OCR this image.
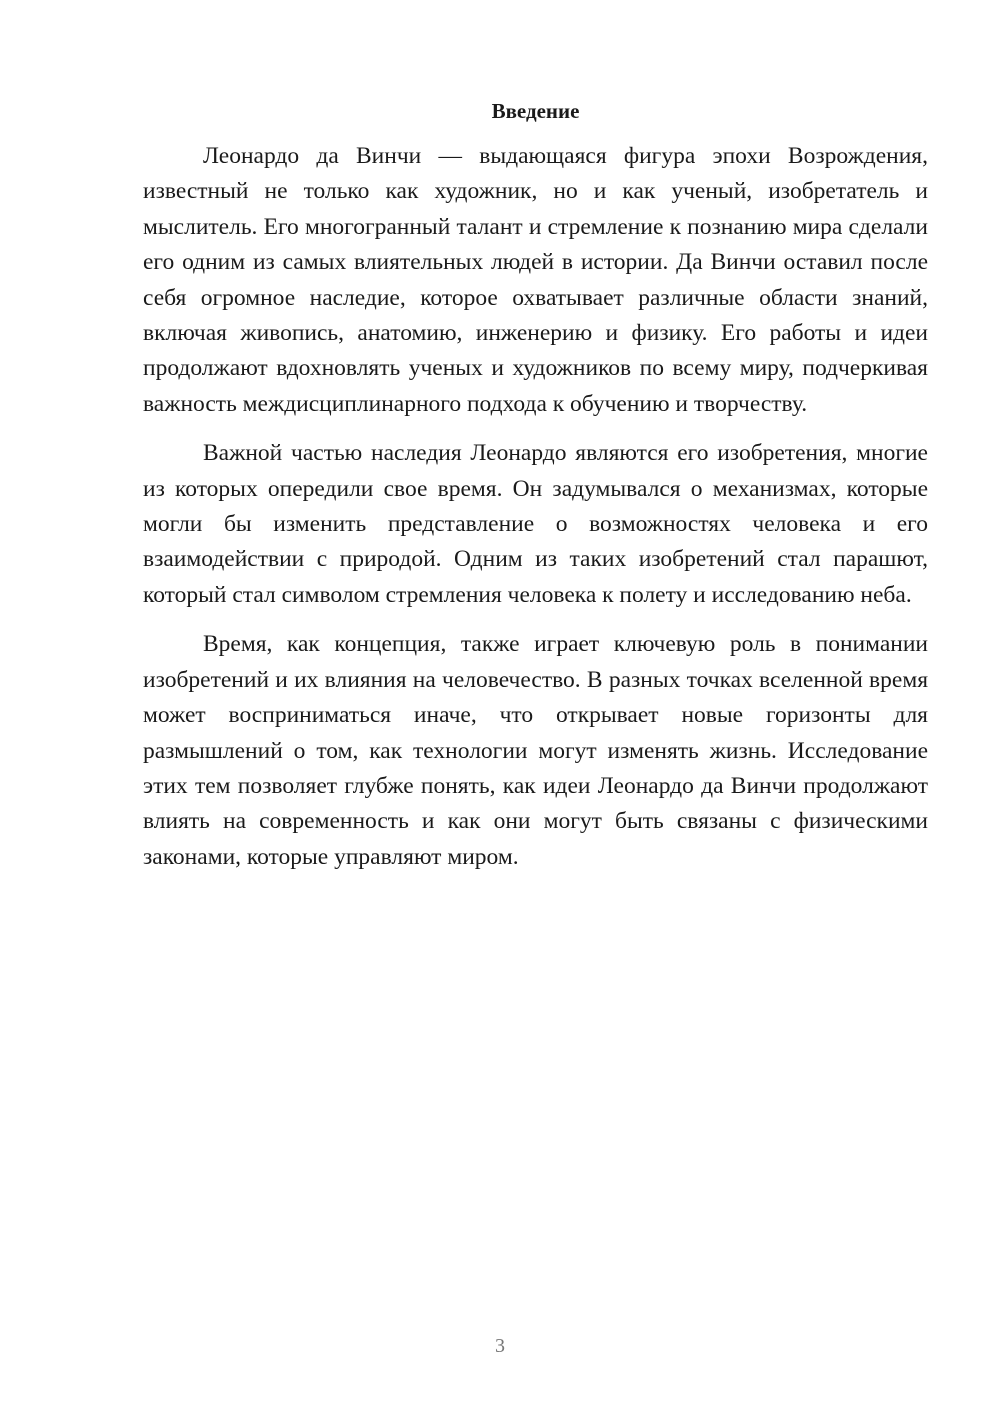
Введение

Леонардо да Винчи — выдающаяся фигура эпохи Возрождения, известный не только как художник, но и как ученый, изобретатель и мыслитель. Его многогранный талант и стремление к познанию мира сделали его одним из самых влиятельных людей в истории. Да Винчи оставил после себя огромное наследие, которое охватывает различные области знаний, включая живопись, анатомию, инженерию и физику. Его работы и идеи продолжают вдохновлять ученых и художников по всему миру, подчеркивая важность междисциплинарного подхода к обучению и творчеству.

Важной частью наследия Леонардо являются его изобретения, многие из которых опередили свое время. Он задумывался о механизмах, которые могли бы изменить представление о возможностях человека и его взаимодействии с природой. Одним из таких изобретений стал парашют, который стал символом стремления человека к полету и исследованию неба.

Время, как концепция, также играет ключевую роль в понимании изобретений и их влияния на человечество. В разных точках вселенной время может восприниматься иначе, что открывает новые горизонты для размышлений о том, как технологии могут изменять жизнь. Исследование этих тем позволяет глубже понять, как идеи Леонардо да Винчи продолжают влиять на современность и как они могут быть связаны с физическими законами, которые управляют миром.

3
